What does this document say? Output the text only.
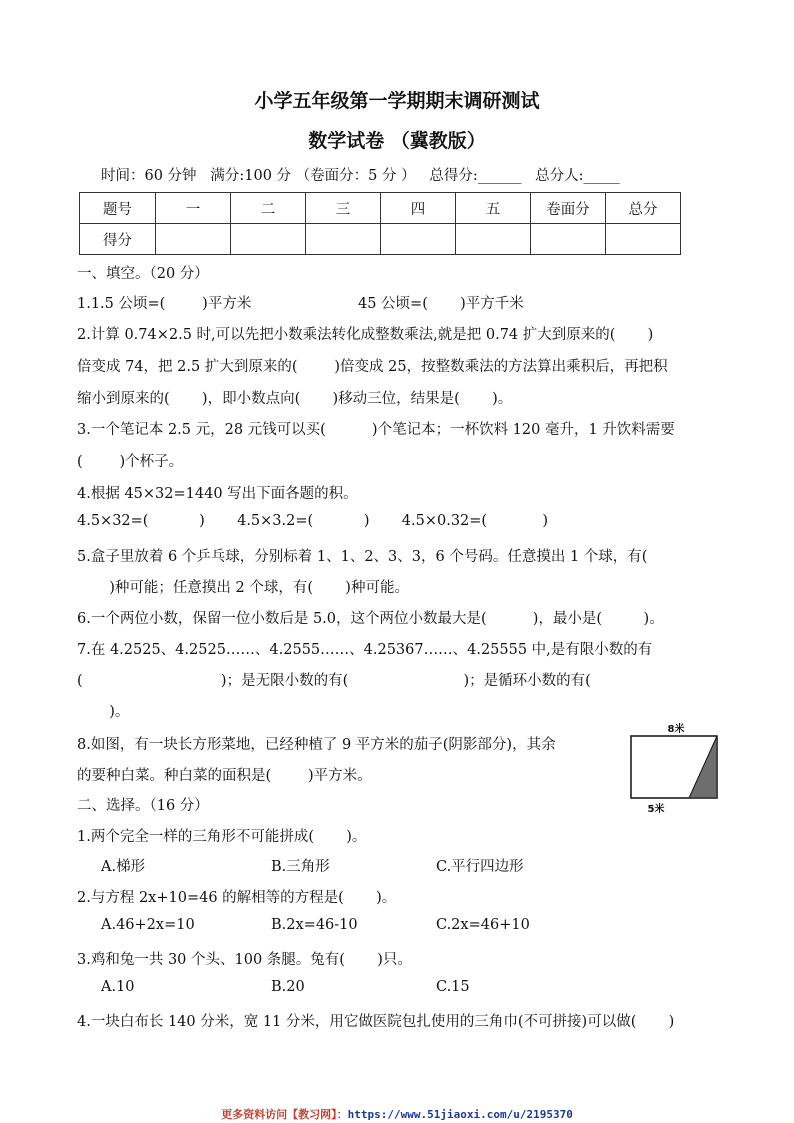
小学五年级第一学期期末调研测试
数学试卷 （冀教版）
时间：60 分钟   满分:100 分 （卷面分：5 分 ）   总得分:______   总分人:_____
题号	一	二	三	四	五	卷面分	总分
得分							
一、填空。（20 分）
1.1.5 公顷=(        )平方米	45 公顷=(       )平方千米
2.计算 0.74×2.5 时,可以先把小数乘法转化成整数乘法,就是把 0.74 扩大到原来的(       )
倍变成 74，把 2.5 扩大到原来的(        )倍变成 25，按整数乘法的方法算出乘积后，再把积
缩小到原来的(       )，即小数点向(       )移动三位，结果是(       )。
3.一个笔记本 2.5 元，28 元钱可以买(          )个笔记本；一杯饮料 120 毫升，1 升饮料需要
(        )个杯子。
4.根据 45×32=1440 写出下面各题的积。
4.5×32=(           )       4.5×3.2=(           )       4.5×0.32=(            )
5.盒子里放着 6 个乒乓球，分别标着 1、1、2、3、3，6 个号码。任意摸出 1 个球，有(
)种可能；任意摸出 2 个球，有(       )种可能。
6.一个两位小数，保留一位小数后是 5.0，这个两位小数最大是(          )，最小是(         )。
7.在 4.2525、4.2525……、4.2555……、4.25367……、4.25555 中,是有限小数的有
(                              )；是无限小数的有(                         )；是循环小数的有(
)。
8.如图，有一块长方形菜地，已经种植了 9 平方米的茄子(阴影部分)，其余
的要种白菜。种白菜的面积是(        )平方米。
8米
5米
二、选择。（16 分）
1.两个完全一样的三角形不可能拼成(       )。
A.梯形	B.三角形	C.平行四边形
2.与方程 2x+10=46 的解相等的方程是(       )。
A.46+2x=10	B.2x=46-10	C.2x=46+10
3.鸡和兔一共 30 个头、100 条腿。兔有(       )只。
A.10	B.20	C.15
4.一块白布长 140 分米，宽 11 分米，用它做医院包扎使用的三角巾(不可拼接)可以做(       )
更多资料访问【教习网】：https://www.51jiaoxi.com/u/2195370
